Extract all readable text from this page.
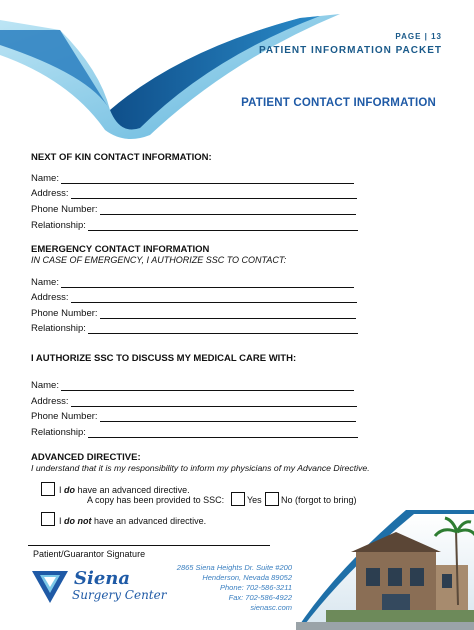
PAGE | 13
PATIENT INFORMATION PACKET
PATIENT CONTACT INFORMATION
NEXT OF KIN CONTACT INFORMATION:
Name:
Address:
Phone Number:
Relationship:
EMERGENCY CONTACT INFORMATION
IN CASE OF EMERGENCY, I AUTHORIZE SSC TO CONTACT:
Name:
Address:
Phone Number:
Relationship:
I AUTHORIZE SSC TO DISCUSS MY MEDICAL CARE WITH:
Name:
Address:
Phone Number:
Relationship:
ADVANCED DIRECTIVE:
I understand that it is my responsibility to inform my physicians of my Advance Directive.
I do have an advanced directive.
A copy has been provided to SSC:	Yes No (forgot to bring)
I do not have an advanced directive.
Patient/Guarantor Signature
Siena
Surgery Center
2865 Siena Heights Dr. Suite #200
Henderson, Nevada 89052
Phone: 702-586-3211
Fax: 702-586-4922
sienasc.com
